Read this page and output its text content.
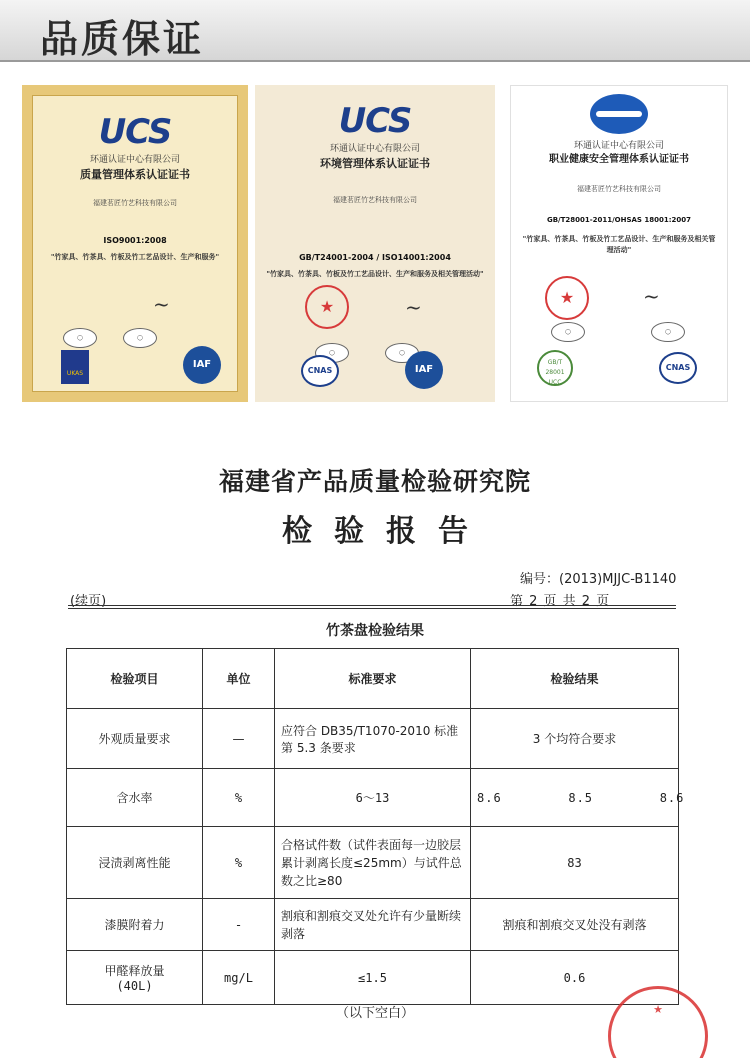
品质保证
UCS
环通认证中心有限公司
质量管理体系认证证书
福建茗匠竹艺科技有限公司
ISO9001:2008
"竹家具、竹茶具、竹板及竹工艺品设计、生产和服务"
~
◯	◯
UKAS
IAF
UCS
环通认证中心有限公司
环境管理体系认证证书
福建茗匠竹艺科技有限公司
GB/T24001-2004 / ISO14001:2004
"竹家具、竹茶具、竹板及竹工艺品设计、生产和服务及相关管理活动"
★	~
◯	◯
CNAS	IAF
环通认证中心有限公司
职业健康安全管理体系认证证书
福建茗匠竹艺科技有限公司
GB/T28001-2011/OHSAS 18001:2007
"竹家具、竹茶具、竹板及竹工艺品设计、生产和服务及相关管理活动"
★	~
◯	◯
GB/T 28001 UCC
CNAS
福建省产品质量检验研究院
检验报告
编号：(2013)MJJC-B1140
(续页)	第 2 页 共 2 页
竹茶盘检验结果
检验项目	单位	标准要求	检验结果
外观质量要求	—	应符合 DB35/T1070-2010 标准第 5.3 条要求	3 个均符合要求
含水率	%	6～13	8.6   8.5   8.6
浸渍剥离性能	%	合格试件数（试件表面每一边胶层累计剥离长度≤25mm）与试件总数之比≥80	83
漆膜附着力	-	割痕和割痕交叉处允许有少量断续剥落	割痕和割痕交叉处没有剥落

甲醛释放量
(40L)	mg/L	≤1.5	0.6
（以下空白）	★
